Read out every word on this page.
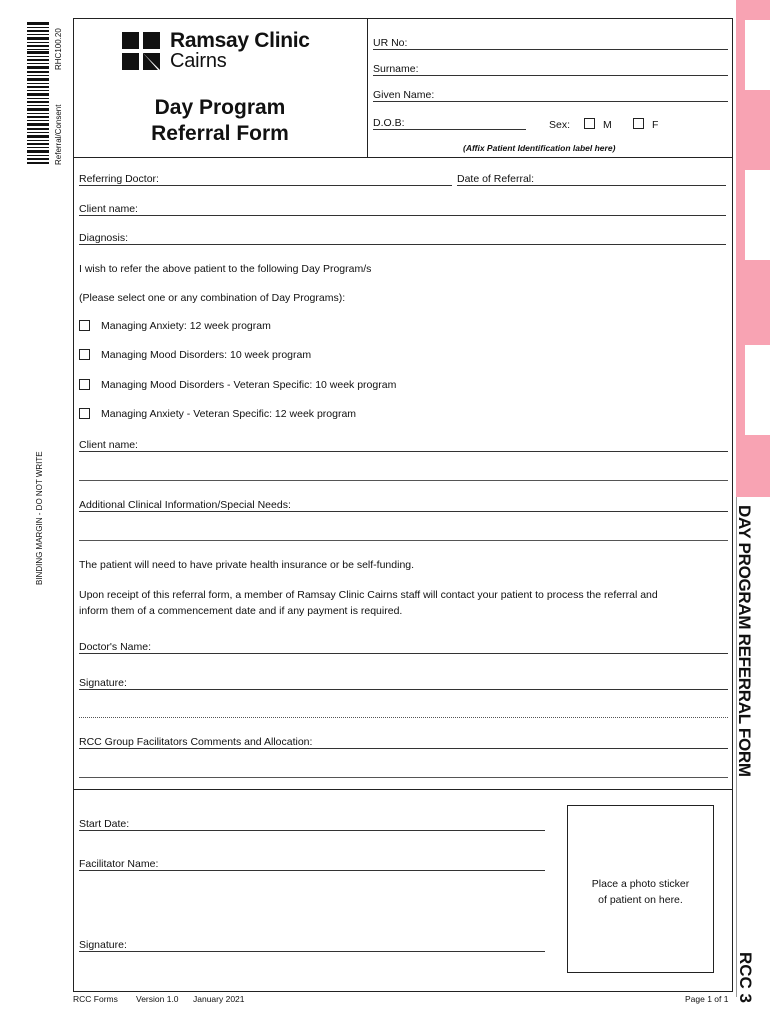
RHC100.20
Referral/Consent
BINDING MARGIN - DO NOT WRITE
Ramsay Clinic
Cairns
Day Program
Referral Form
UR No:
Surname:
Given Name:
D.O.B:	Sex:	M	F
(Affix Patient Identification label here)
Referring Doctor:	Date of Referral:
Client name:
Diagnosis:
I wish to refer the above patient to the following Day Program/s
(Please select one or any combination of Day Programs):
Managing Anxiety: 12 week program
Managing Mood Disorders: 10 week program
Managing Mood Disorders - Veteran Specific: 10 week program
Managing Anxiety - Veteran Specific: 12 week program
Client name:
Additional Clinical Information/Special Needs:
The patient will need to have private health insurance or be self-funding.
Upon receipt of this referral form, a member of Ramsay Clinic Cairns staff will contact your patient to process the referral and
inform them of a commencement date and if any payment is required.
Doctor's Name:
Signature:
RCC Group Facilitators Comments and Allocation:
Start Date:
Facilitator Name:
Signature:
Place a photo sticker
of patient on here.
RCC Forms Version 1.0 January 2021	Page 1 of 1
DAY PROGRAM REFERRAL FORM
RCC 3
